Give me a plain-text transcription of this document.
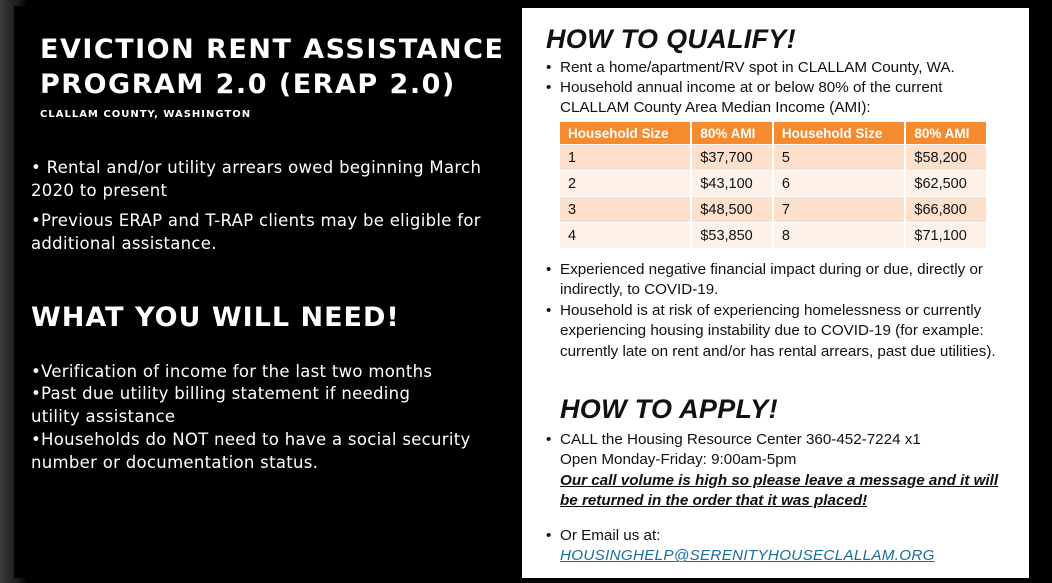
EVICTION RENT ASSISTANCE
PROGRAM 2.0 (ERAP 2.0)
CLALLAM COUNTY, WASHINGTON
• Rental and/or utility arrears owed beginning March 2020 to present
•Previous ERAP and T-RAP clients may be eligible for additional assistance.
WHAT YOU WILL NEED!
•Verification of income for the last two months
•Past due utility billing statement if needing utility assistance
•Households do NOT need to have a social security number or documentation status.
HOW TO QUALIFY!
• Rent a home/apartment/RV spot in CLALLAM County, WA.
• Household annual income at or below 80% of the current CLALLAM County Area Median Income (AMI):
Household Size	80% AMI	Household Size	80% AMI
1	$37,700	5	$58,200
2	$43,100	6	$62,500
3	$48,500	7	$66,800
4	$53,850	8	$71,100
• Experienced negative financial impact during or due, directly or indirectly, to COVID-19.
• Household is at risk of experiencing homelessness or currently experiencing housing instability due to COVID-19 (for example: currently late on rent and/or has rental arrears, past due utilities).
HOW TO APPLY!
• CALL the Housing Resource Center 360-452-7224 x1
Open Monday-Friday: 9:00am-5pm
Our call volume is high so please leave a message and it will be returned in the order that it was placed!
• Or Email us at:
HOUSINGHELP@SERENITYHOUSECLALLAM.ORG
